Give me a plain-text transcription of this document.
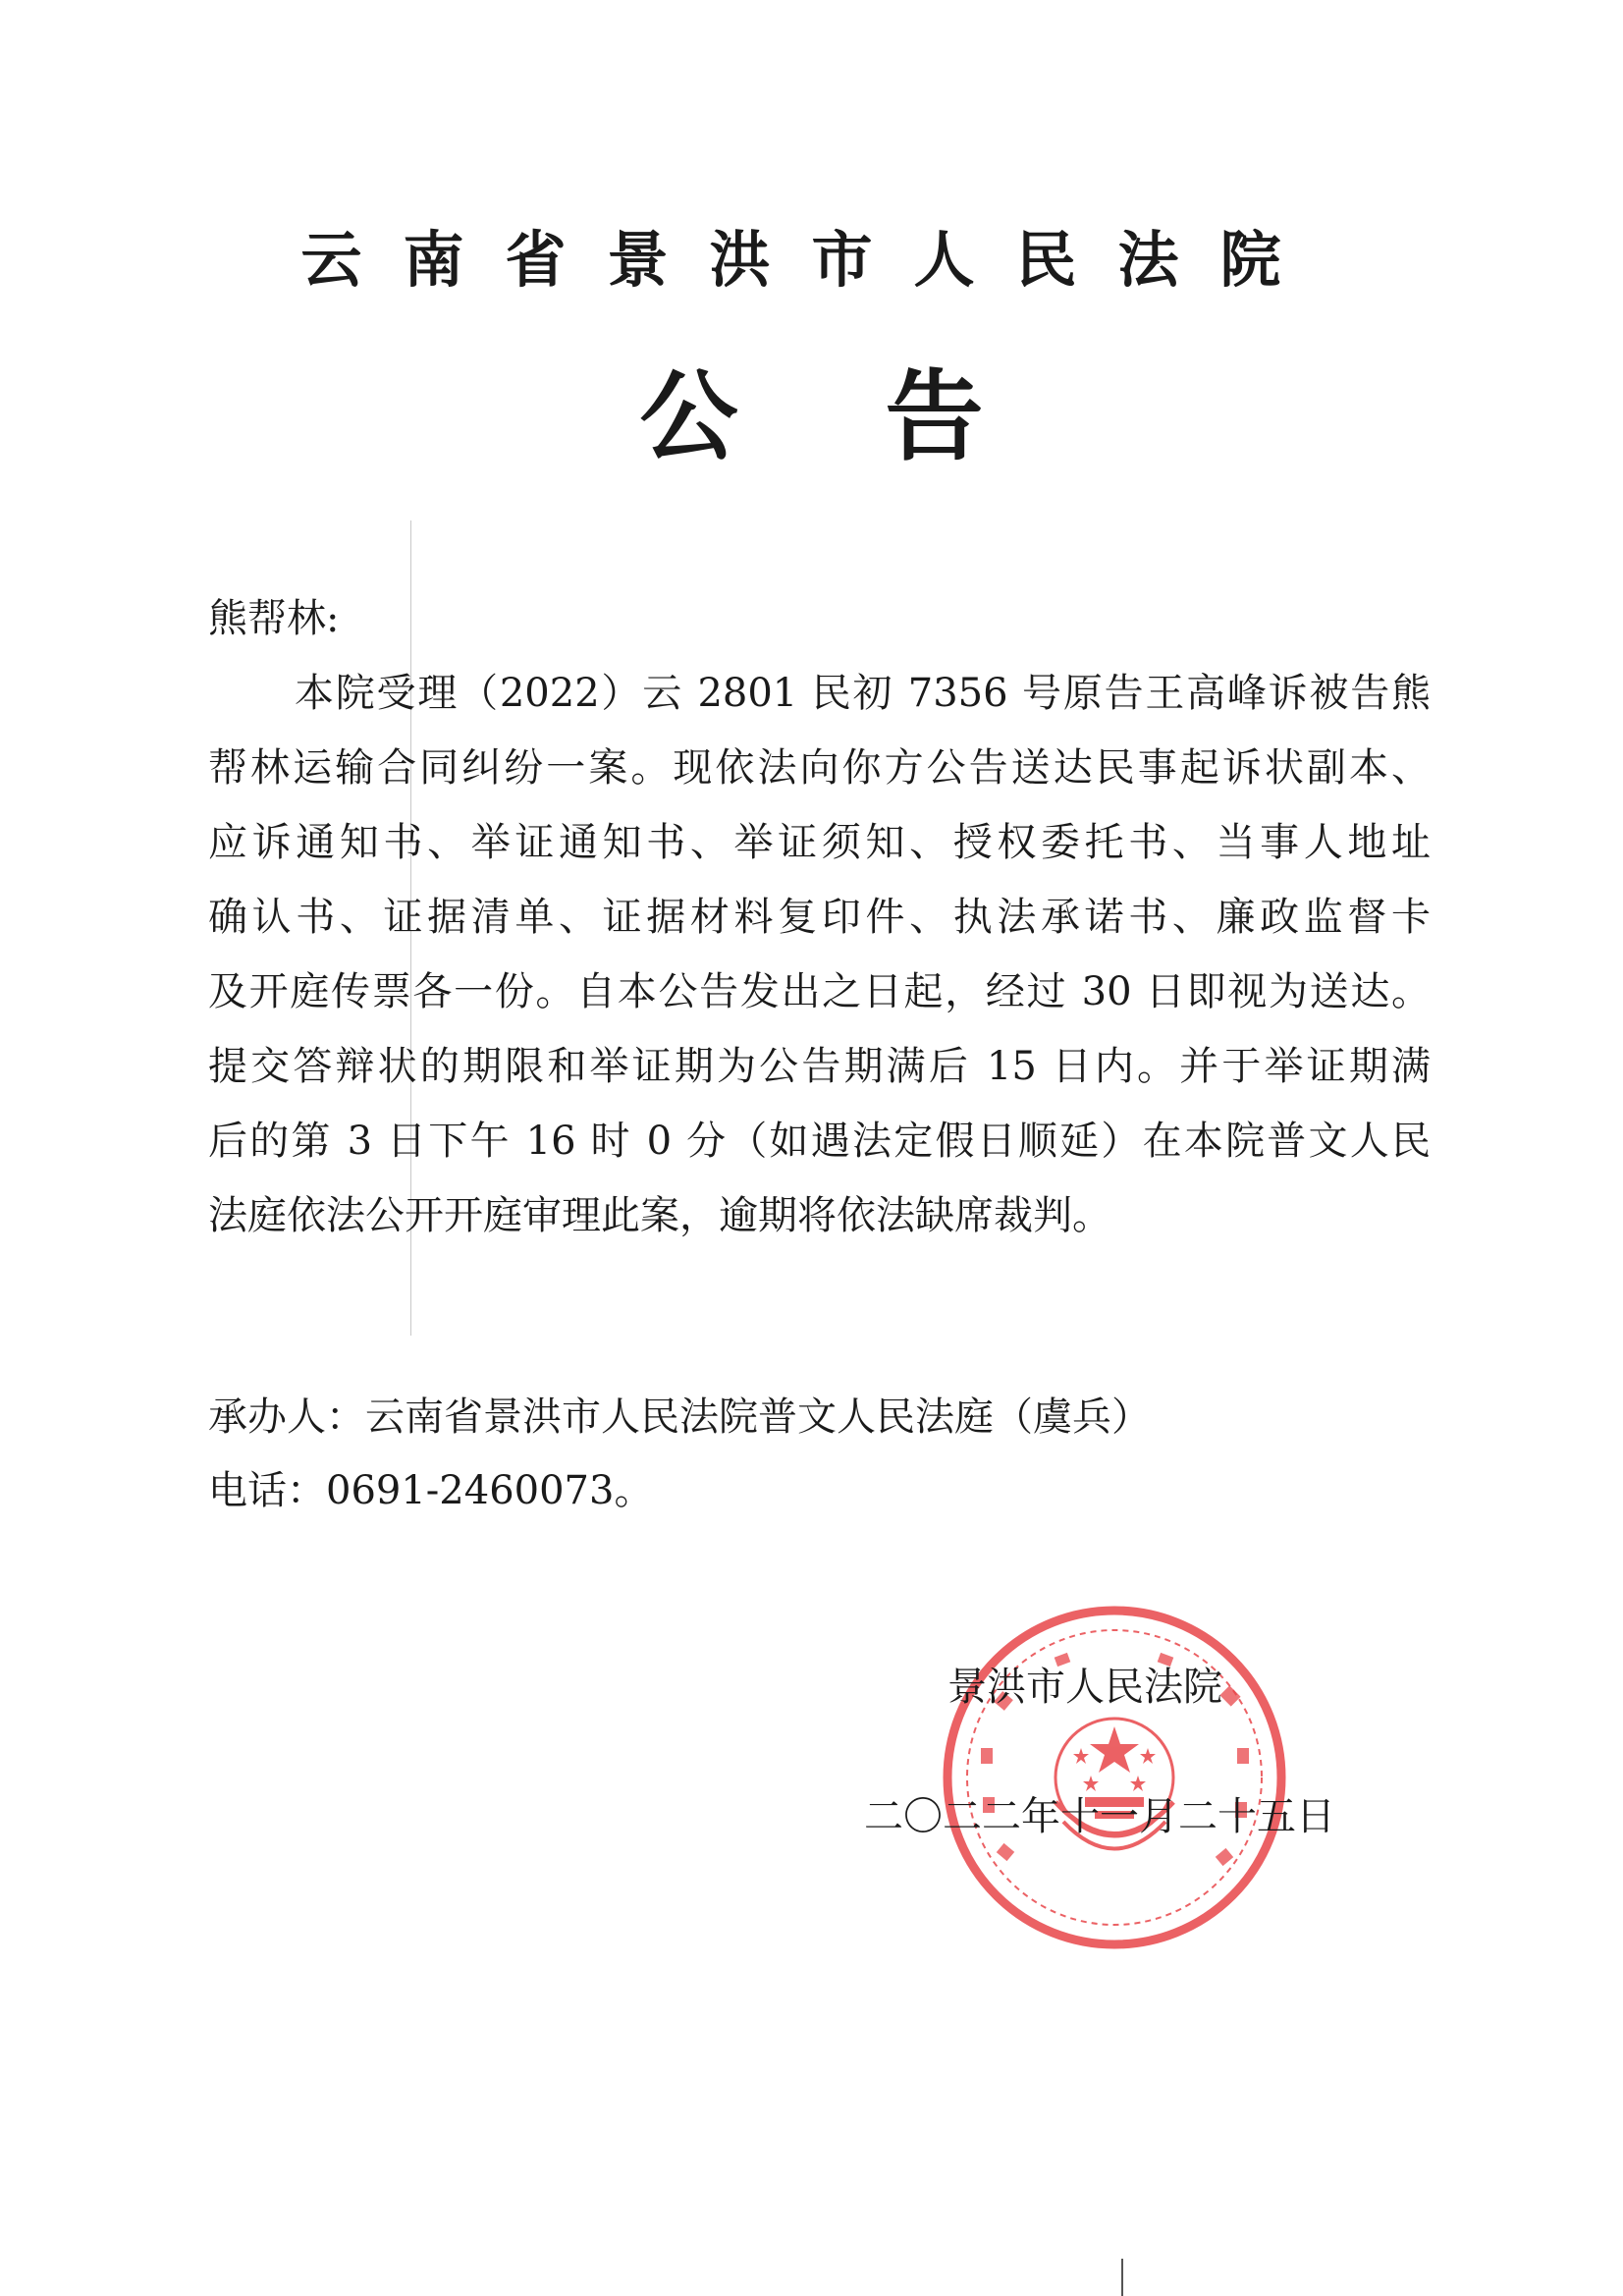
云南省景洪市人民法院
公告
熊帮林:
本院受理（2022）云 2801 民初 7356 号原告王高峰诉被告熊
帮林运输合同纠纷一案。现依法向你方公告送达民事起诉状副本、
应诉通知书、举证通知书、举证须知、授权委托书、当事人地址
确认书、证据清单、证据材料复印件、执法承诺书、廉政监督卡
及开庭传票各一份。自本公告发出之日起，经过 30 日即视为送达。
提交答辩状的期限和举证期为公告期满后 15 日内。并于举证期满
后的第 3 日下午 16 时 0 分（如遇法定假日顺延）在本院普文人民
法庭依法公开开庭审理此案，逾期将依法缺席裁判。
承办人：云南省景洪市人民法院普文人民法庭（虞兵）
电话：0691-2460073。
景洪市人民法院
二〇二二年十一月二十五日
